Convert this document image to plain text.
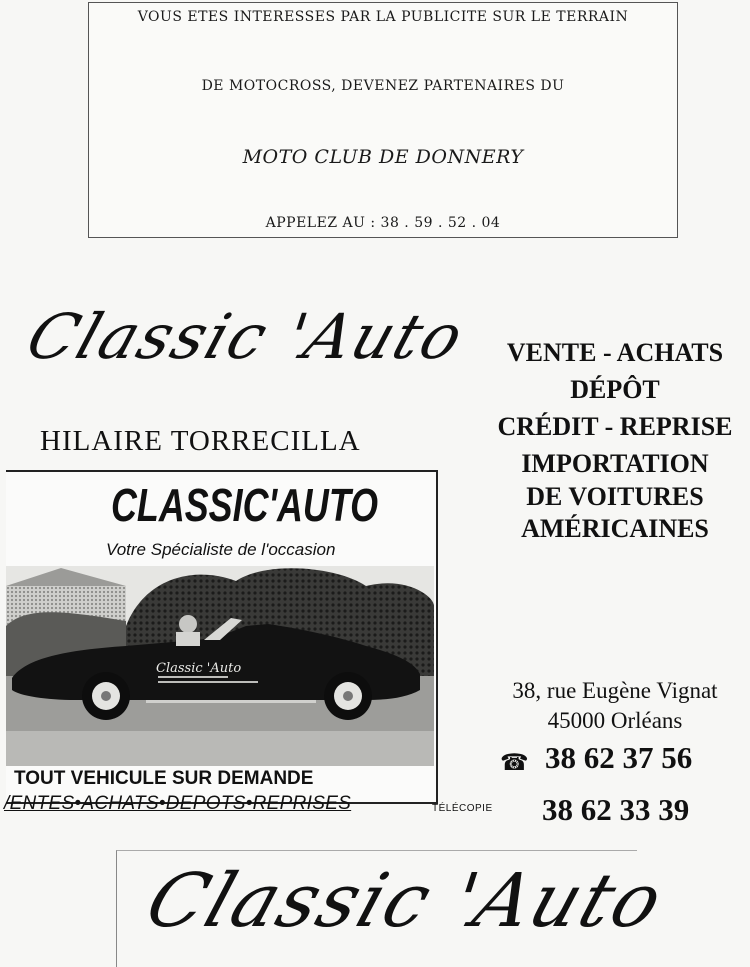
VOUS ETES INTERESSES PAR LA PUBLICITE SUR LE TERRAIN
DE MOTOCROSS, DEVENEZ PARTENAIRES DU
MOTO CLUB DE DONNERY
APPELEZ AU : 38 . 59 . 52 . 04
Classic 'Auto	VENTE - ACHATS
DÉPÔT
CRÉDIT - REPRISE
IMPORTATION
DE VOITURES
AMÉRICAINES
HILAIRE TORRECILLA
CLASSIC'AUTO
Votre Spécialiste de l'occasion
Classic 'Auto
TOUT VEHICULE SUR DEMANDE
/ENTES•ACHATS•DEPOTS•REPRISES	TÉLÉCOPIE 38 62 33 39
38, rue Eugène Vignat
45000 Orléans
☎ 38 62 37 56
Classic 'Auto
